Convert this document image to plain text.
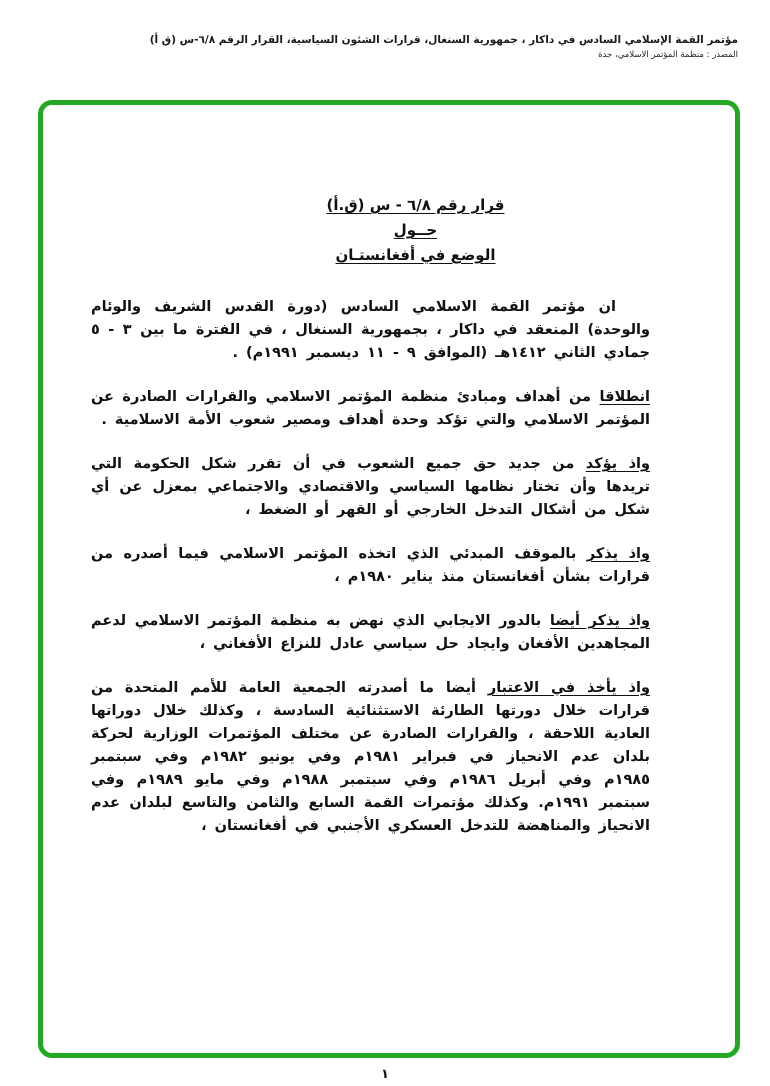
مؤتمر القمة الإسلامي السادس في داكار ، جمهورية السنغال، قرارات الشئون السياسية، القرار الرقم ٦/٨-س (ق أ)
المصدر : منظمة المؤتمر الاسلامي، جدة
قرار رقم ٦/٨ - س (ق.أ)
حــول
الوضع في أفغانستـان

ان مؤتمر القمة الاسلامي السادس (دورة القدس الشريف والوئام والوحدة) المنعقد في داكار ، بجمهورية السنغال ، في الفترة ما بين ٣ - ٥ جمادي الثاني ١٤١٢هـ (الموافق ٩ - ١١ ديسمبر ١٩٩١م) .

انطلاقا من أهداف ومبادئ منظمة المؤتمر الاسلامي والقرارات الصادرة عن المؤتمر الاسلامي والتي تؤكد وحدة أهداف ومصير شعوب الأمة الاسلامية .

واذ يؤكد من جديد حق جميع الشعوب في أن تقرر شكل الحكومة التي تريدها وأن تختار نظامها السياسي والاقتصادي والاجتماعي بمعزل عن أي شكل من أشكال التدخل الخارجي أو القهر أو الضغط ،

واذ يذكر بالموقف المبدئي الذي اتخذه المؤتمر الاسلامي فيما أصدره من قرارات بشأن أفغانستان منذ يناير ١٩٨٠م ،

واذ يذكر أيضا بالدور الايجابي الذي نهض به منظمة المؤتمر الاسلامي لدعم المجاهدين الأفغان وايجاد حل سياسي عادل للنزاع الأفغاني ،

واذ يأخذ في الاعتبار أيضا ما أصدرته الجمعية العامة للأمم المتحدة من قرارات خلال دورتها الطارئة الاستثنائية السادسة ، وكذلك خلال دوراتها العادية اللاحقة ، والقرارات الصادرة عن مختلف المؤتمرات الوزارية لحركة بلدان عدم الانحياز في فبراير ١٩٨١م وفي يونيو ١٩٨٢م وفي سبتمبر ١٩٨٥م وفي أبريل ١٩٨٦م وفي سبتمبر ١٩٨٨م وفي مايو ١٩٨٩م وفي سبتمبر ١٩٩١م. وكذلك مؤتمرات القمة السابع والثامن والتاسع لبلدان عدم الانحياز والمناهضة للتدخل العسكري الأجنبي في أفغانستان ،

١
